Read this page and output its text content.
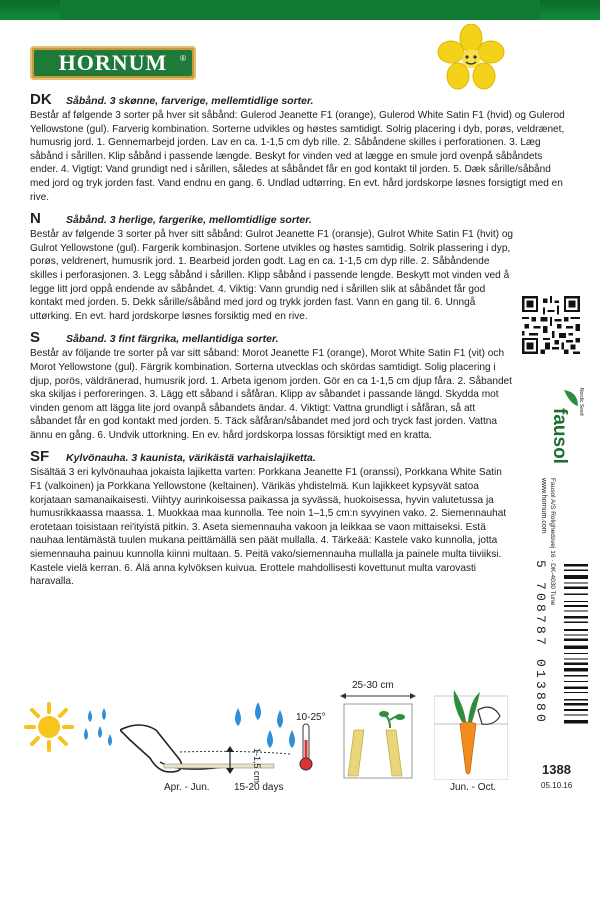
HORNUM ®
DK Såbånd. 3 skønne, farverige, mellemtidlige sorter.

Består af følgende 3 sorter på hver sit såbånd: Gulerod Jeanette F1 (orange), Gulerod White Satin F1 (hvid) og Gulerod Yellowstone (gul). Farverig kombination. Sorterne udvikles og høstes samtidigt. Solrig placering i dyb, porøs, veldrænet, humusrig jord. 1. Gennemarbejd jorden. Lav en ca. 1-1,5 cm dyb rille. 2. Såbåndene skilles i perforationen. 3. Læg såbånd i sårillen. Klip såbånd i passende længde. Beskyt for vinden ved at lægge en smule jord ovenpå såbåndets ender. 4. Vigtigt: Vand grundigt ned i sårillen, således at såbåndet får en god kontakt til jorden. 5. Dæk sårille/såbånd med jord og tryk jorden fast. Vand endnu en gang. 6. Undlad udtørring. En evt. hård jordskorpe løsnes forsigtigt med en rive.

N Såbånd. 3 herlige, fargerike, mellomtidlige sorter.

Består av følgende 3 sorter på hver sitt såbånd: Gulrot Jeanette F1 (oransje), Gulrot White Satin F1 (hvit) og Gulrot Yellowstone (gul). Fargerik kombinasjon. Sortene utvikles og høstes samtidig. Solrik plassering i dyp, porøs, veldrenert, humusrik jord. 1. Bearbeid jorden godt. Lag en ca. 1-1,5 cm dyp rille. 2. Såbåndende skilles i perforasjonen. 3. Legg såbånd i sårillen. Klipp såbånd i passende lengde. Beskytt mot vinden ved å legge litt jord oppå endende av såbåndet. 4. Viktig: Vann grundig ned i sårillen slik at såbåndet får god kontakt med jorden. 5. Dekk sårille/såbånd med jord og trykk jorden fast. Vann en gang til. 6. Unngå uttørking. En evt. hard jordskorpe løsnes forsiktig med en rive.

S Såband. 3 fint färgrika, mellantidiga sorter.

Består av följande tre sorter på var sitt såband: Morot Jeanette F1 (orange), Morot White Satin F1 (vit) och Morot Yellowstone (gul). Färgrik kombination. Sorterna utvecklas och skördas samtidigt. Solig placering i djup, porös, väldränerad, humusrik jord. 1. Arbeta igenom jorden. Gör en ca 1-1,5 cm djup fåra. 2. Såbandet ska skiljas i perforeringen. 3. Lägg ett såband i såfåran. Klipp av såbandet i passande längd. Skydda mot vinden genom att lägga lite jord ovanpå såbandets ändar. 4. Viktigt: Vattna grundligt i såfåran, så att såbandet får en god kontakt med jorden. 5. Täck såfåran/såbandet med jord och tryck fast jorden. Vattna ännu en gång. 6. Undvik uttorkning. En ev. hård jordskorpa lossas försiktigt med en kratta.

SF Kylvönauha. 3 kaunista, värikästä varhaislajiketta.

Sisältää 3 eri kylvönauhaa jokaista lajiketta varten: Porkkana Jeanette F1 (oranssi), Porkkana White Satin F1 (valkoinen) ja Porkkana Yellowstone (keltainen). Värikäs yhdistelmä. Kun lajikkeet kypsyvät satoa korjataan samanaikaisesti. Viihtyy aurinkoisessa paikassa ja syvässä, huokoisessa, hyvin valutetussa ja humusrikkaassa maassa. 1. Muokkaa maa kunnolla. Tee noin 1–1,5 cm:n syvyinen vako. 2. Siemennauhat erotetaan toisistaan rei'ityistä pitkin. 3. Aseta siemennauha vakoon ja leikkaa se vaon mittaiseksi. Estä nauhaa lentämästä tuulen mukana peittämällä sen päät mullalla. 4. Tärkeää: Kastele vako kunnolla, jotta siemennauha painuu kunnolla kiinni multaan. 5. Peitä vako/siemennauha mullalla ja painele multa tiiviiksi. Kastele vielä kerran. 6. Älä anna kylvöksen kuivua. Erottele mahdollisesti kovettunut multa varovasti haravalla.

fausol
Nordic Seed
Fausol A/S Rolighedsvej 16 · DK-4030 Tune
www.hornum.com
5 708787 013880
1388
05.10.16
1-1,5 cm
10-25°
25-30 cm
Apr. - Jun. 15-20 days	Jun. - Oct.
